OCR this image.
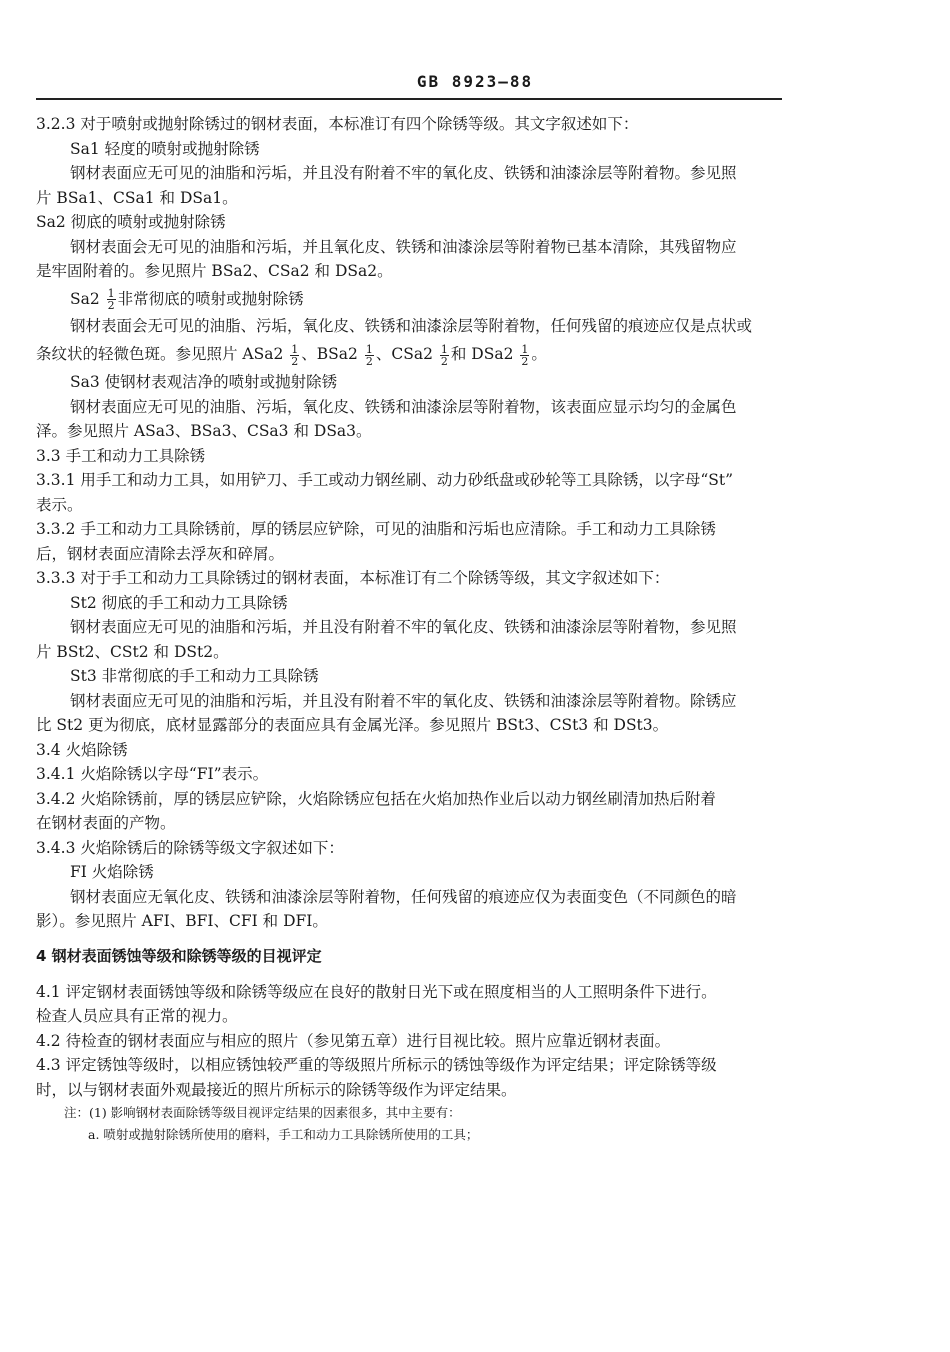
GB 8923—88

3.2.3 对于喷射或抛射除锈过的钢材表面，本标准订有四个除锈等级。其文字叙述如下：

Sa1 轻度的喷射或抛射除锈

钢材表面应无可见的油脂和污垢，并且没有附着不牢的氧化皮、铁锈和油漆涂层等附着物。参见照

片 BSa1、CSa1 和 DSa1。

Sa2 彻底的喷射或抛射除锈

钢材表面会无可见的油脂和污垢，并且氧化皮、铁锈和油漆涂层等附着物已基本清除，其残留物应

是牢固附着的。参见照片 BSa2、CSa2 和 DSa2。

$Sa2 \frac{1}{2}$ 非常彻底的喷射或抛射除锈

钢材表面会无可见的油脂、污垢，氧化皮、铁锈和油漆涂层等附着物，任何残留的痕迹应仅是点状或

条纹状的轻微色斑。参见照片 $ASa2 \frac{1}{2}$ 、$BSa2 \frac{1}{2}$ 、$CSa2 \frac{1}{2}$ 和 $DSa2 \frac{1}{2}$ 。

Sa3 使钢材表观洁净的喷射或抛射除锈

钢材表面应无可见的油脂、污垢，氧化皮、铁锈和油漆涂层等附着物，该表面应显示均匀的金属色

泽。参见照片 ASa3、BSa3、CSa3 和 DSa3。

3.3 手工和动力工具除锈

3.3.1 用手工和动力工具，如用铲刀、手工或动力钢丝刷、动力砂纸盘或砂轮等工具除锈，以字母“St”

表示。

3.3.2 手工和动力工具除锈前，厚的锈层应铲除，可见的油脂和污垢也应清除。手工和动力工具除锈

后，钢材表面应清除去浮灰和碎屑。

3.3.3 对于手工和动力工具除锈过的钢材表面，本标准订有二个除锈等级，其文字叙述如下：

St2 彻底的手工和动力工具除锈

钢材表面应无可见的油脂和污垢，并且没有附着不牢的氧化皮、铁锈和油漆涂层等附着物，参见照

片 BSt2、CSt2 和 DSt2。

St3 非常彻底的手工和动力工具除锈

钢材表面应无可见的油脂和污垢，并且没有附着不牢的氧化皮、铁锈和油漆涂层等附着物。除锈应

比 St2 更为彻底，底材显露部分的表面应具有金属光泽。参见照片 BSt3、CSt3 和 DSt3。

3.4 火焰除锈

3.4.1 火焰除锈以字母“FI”表示。

3.4.2 火焰除锈前，厚的锈层应铲除，火焰除锈应包括在火焰加热作业后以动力钢丝刷清加热后附着

在钢材表面的产物。

3.4.3 火焰除锈后的除锈等级文字叙述如下：

FI 火焰除锈

钢材表面应无氧化皮、铁锈和油漆涂层等附着物，任何残留的痕迹应仅为表面变色（不同颜色的暗

影）。参见照片 AFI、BFI、CFI 和 DFI。

4 钢材表面锈蚀等级和除锈等级的目视评定

4.1 评定钢材表面锈蚀等级和除锈等级应在良好的散射日光下或在照度相当的人工照明条件下进行。

检查人员应具有正常的视力。

4.2 待检查的钢材表面应与相应的照片（参见第五章）进行目视比较。照片应靠近钢材表面。

4.3 评定锈蚀等级时，以相应锈蚀较严重的等级照片所标示的锈蚀等级作为评定结果；评定除锈等级

时，以与钢材表面外观最接近的照片所标示的除锈等级作为评定结果。

注：(1) 影响钢材表面除锈等级目视评定结果的因素很多，其中主要有：

a. 喷射或抛射除锈所使用的磨料，手工和动力工具除锈所使用的工具；
